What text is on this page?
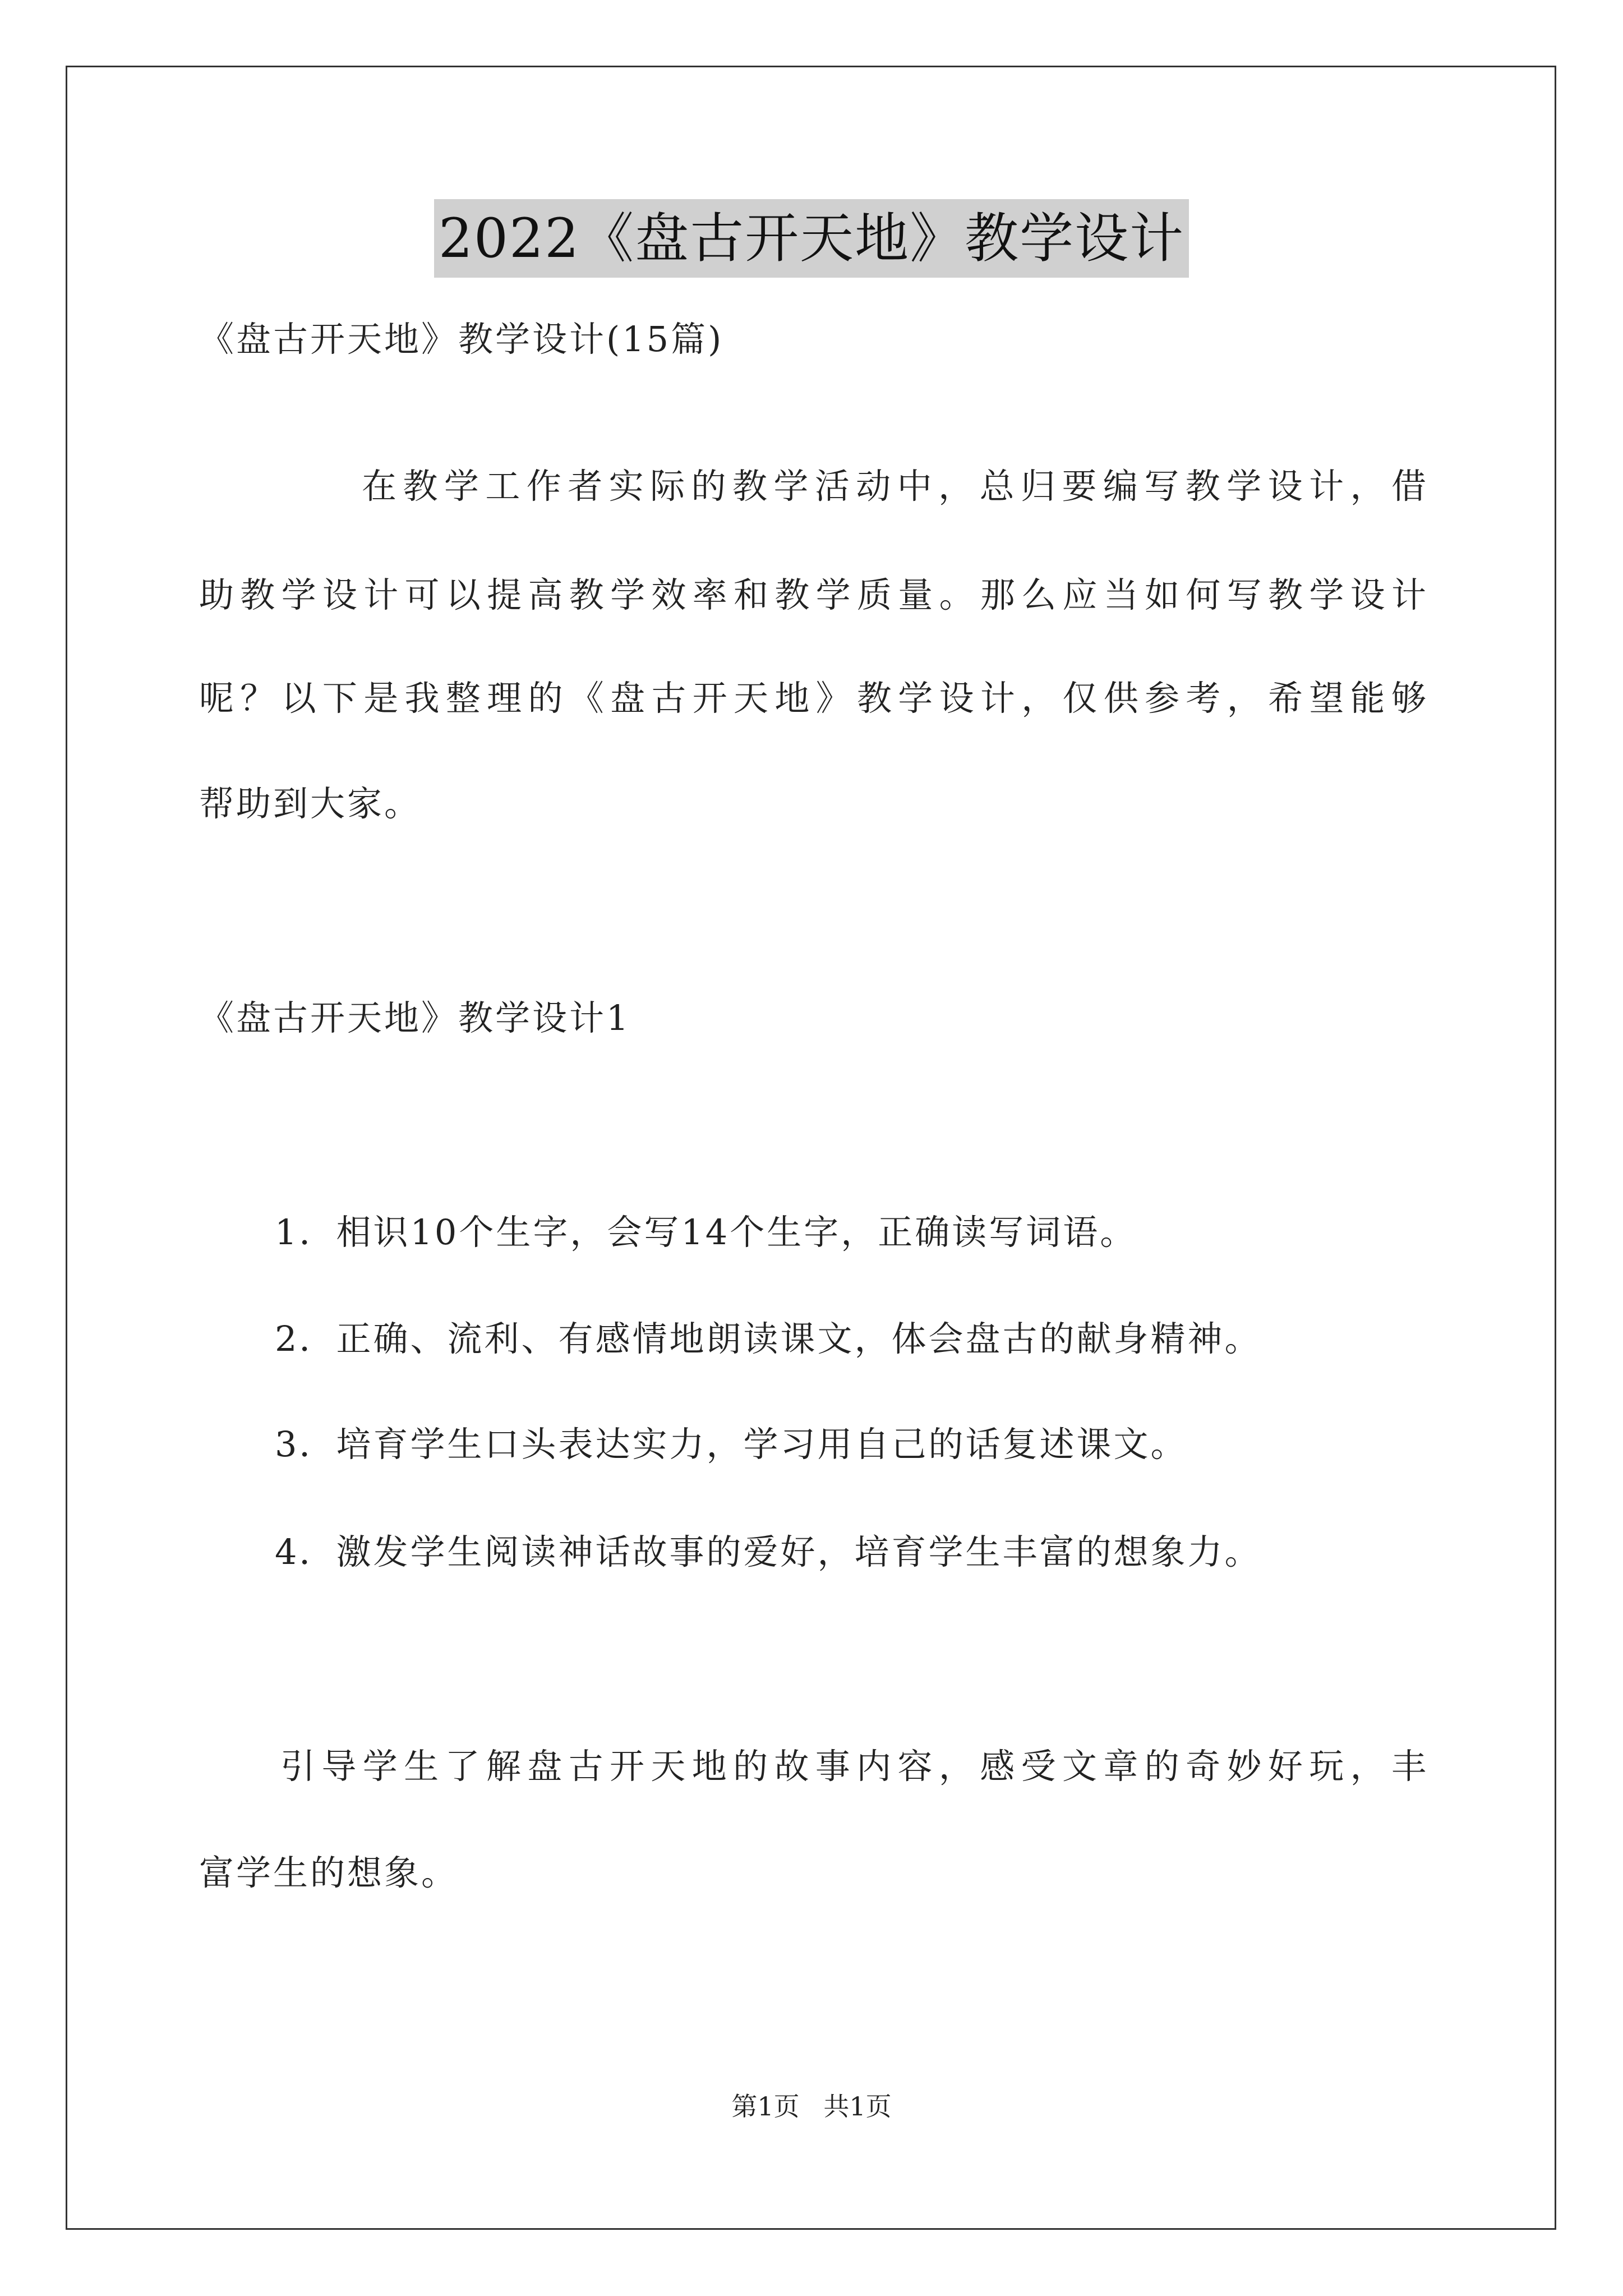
2022《盘古开天地》教学设计
《盘古开天地》教学设计(15篇)
在教学工作者实际的教学活动中，总归要编写教学设计，借
助教学设计可以提高教学效率和教学质量。那么应当如何写教学设计
呢？以下是我整理的《盘古开天地》教学设计，仅供参考，希望能够
帮助到大家。
《盘古开天地》教学设计1
1．相识10个生字，会写14个生字，正确读写词语。
2．正确、流利、有感情地朗读课文，体会盘古的献身精神。
3．培育学生口头表达实力，学习用自己的话复述课文。
4．激发学生阅读神话故事的爱好，培育学生丰富的想象力。
引导学生了解盘古开天地的故事内容，感受文章的奇妙好玩，丰
富学生的想象。
第1页 共1页
